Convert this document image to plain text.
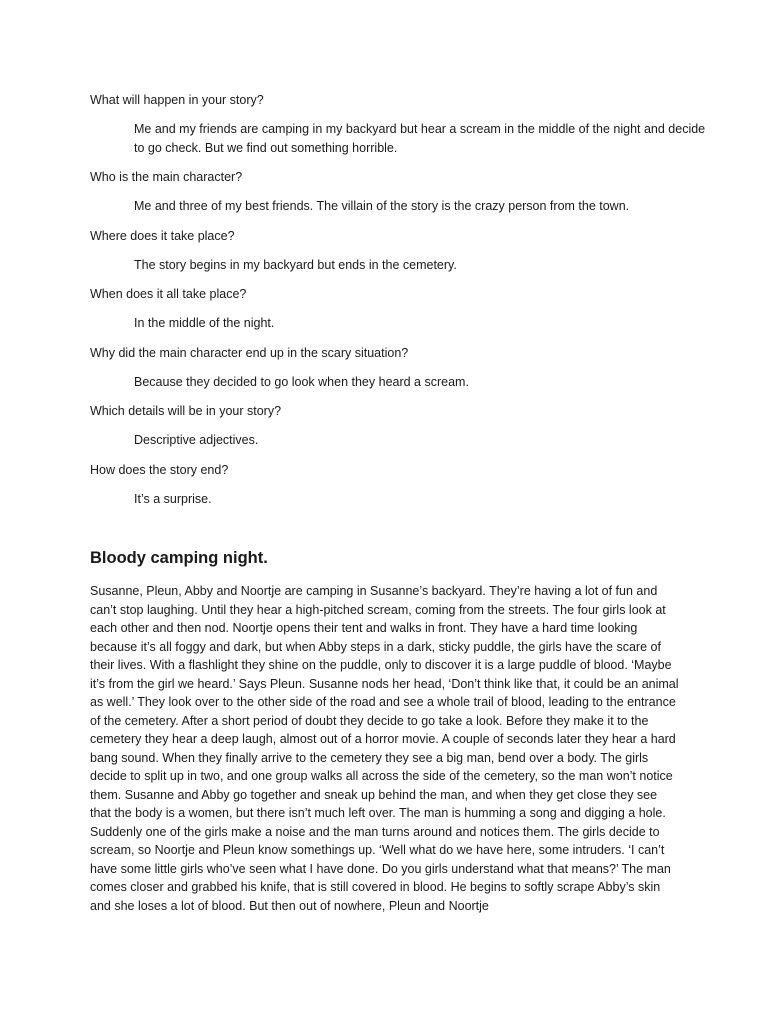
What will happen in your story?

Me and my friends are camping in my backyard but hear a scream in the middle of the night and decide to go check. But we find out something horrible.

Who is the main character?

Me and three of my best friends. The villain of the story is the crazy person from the town.

Where does it take place?

The story begins in my backyard but ends in the cemetery.

When does it all take place?

In the middle of the night.

Why did the main character end up in the scary situation?

Because they decided to go look when they heard a scream.

Which details will be in your story?

Descriptive adjectives.

How does the story end?

It’s a surprise.

Bloody camping night.

Susanne, Pleun, Abby and Noortje are camping in Susanne’s backyard. They’re having a lot of fun and can’t stop laughing. Until they hear a high-pitched scream, coming from the streets. The four girls look at each other and then nod. Noortje opens their tent and walks in front. They have a hard time looking because it’s all foggy and dark, but when Abby steps in a dark, sticky puddle, the girls have the scare of their lives. With a flashlight they shine on the puddle, only to discover it is a large puddle of blood. ‘Maybe it’s from the girl we heard.’ Says Pleun. Susanne nods her head, ‘Don’t think like that, it could be an animal as well.’ They look over to the other side of the road and see a whole trail of blood, leading to the entrance of the cemetery. After a short period of doubt they decide to go take a look. Before they make it to the cemetery they hear a deep laugh, almost out of a horror movie. A couple of seconds later they hear a hard bang sound. When they finally arrive to the cemetery they see a big man, bend over a body. The girls decide to split up in two, and one group walks all across the side of the cemetery, so the man won’t notice them. Susanne and Abby go together and sneak up behind the man, and when they get close they see that the body is a women, but there isn’t much left over. The man is humming a song and digging a hole. Suddenly one of the girls make a noise and the man turns around and notices them. The girls decide to scream, so Noortje and Pleun know somethings up. ‘Well what do we have here, some intruders. ‘I can’t have some little girls who’ve seen what I have done. Do you girls understand what that means?’ The man comes closer and grabbed his knife, that is still covered in blood. He begins to softly scrape Abby’s skin and she loses a lot of blood. But then out of nowhere, Pleun and Noortje
